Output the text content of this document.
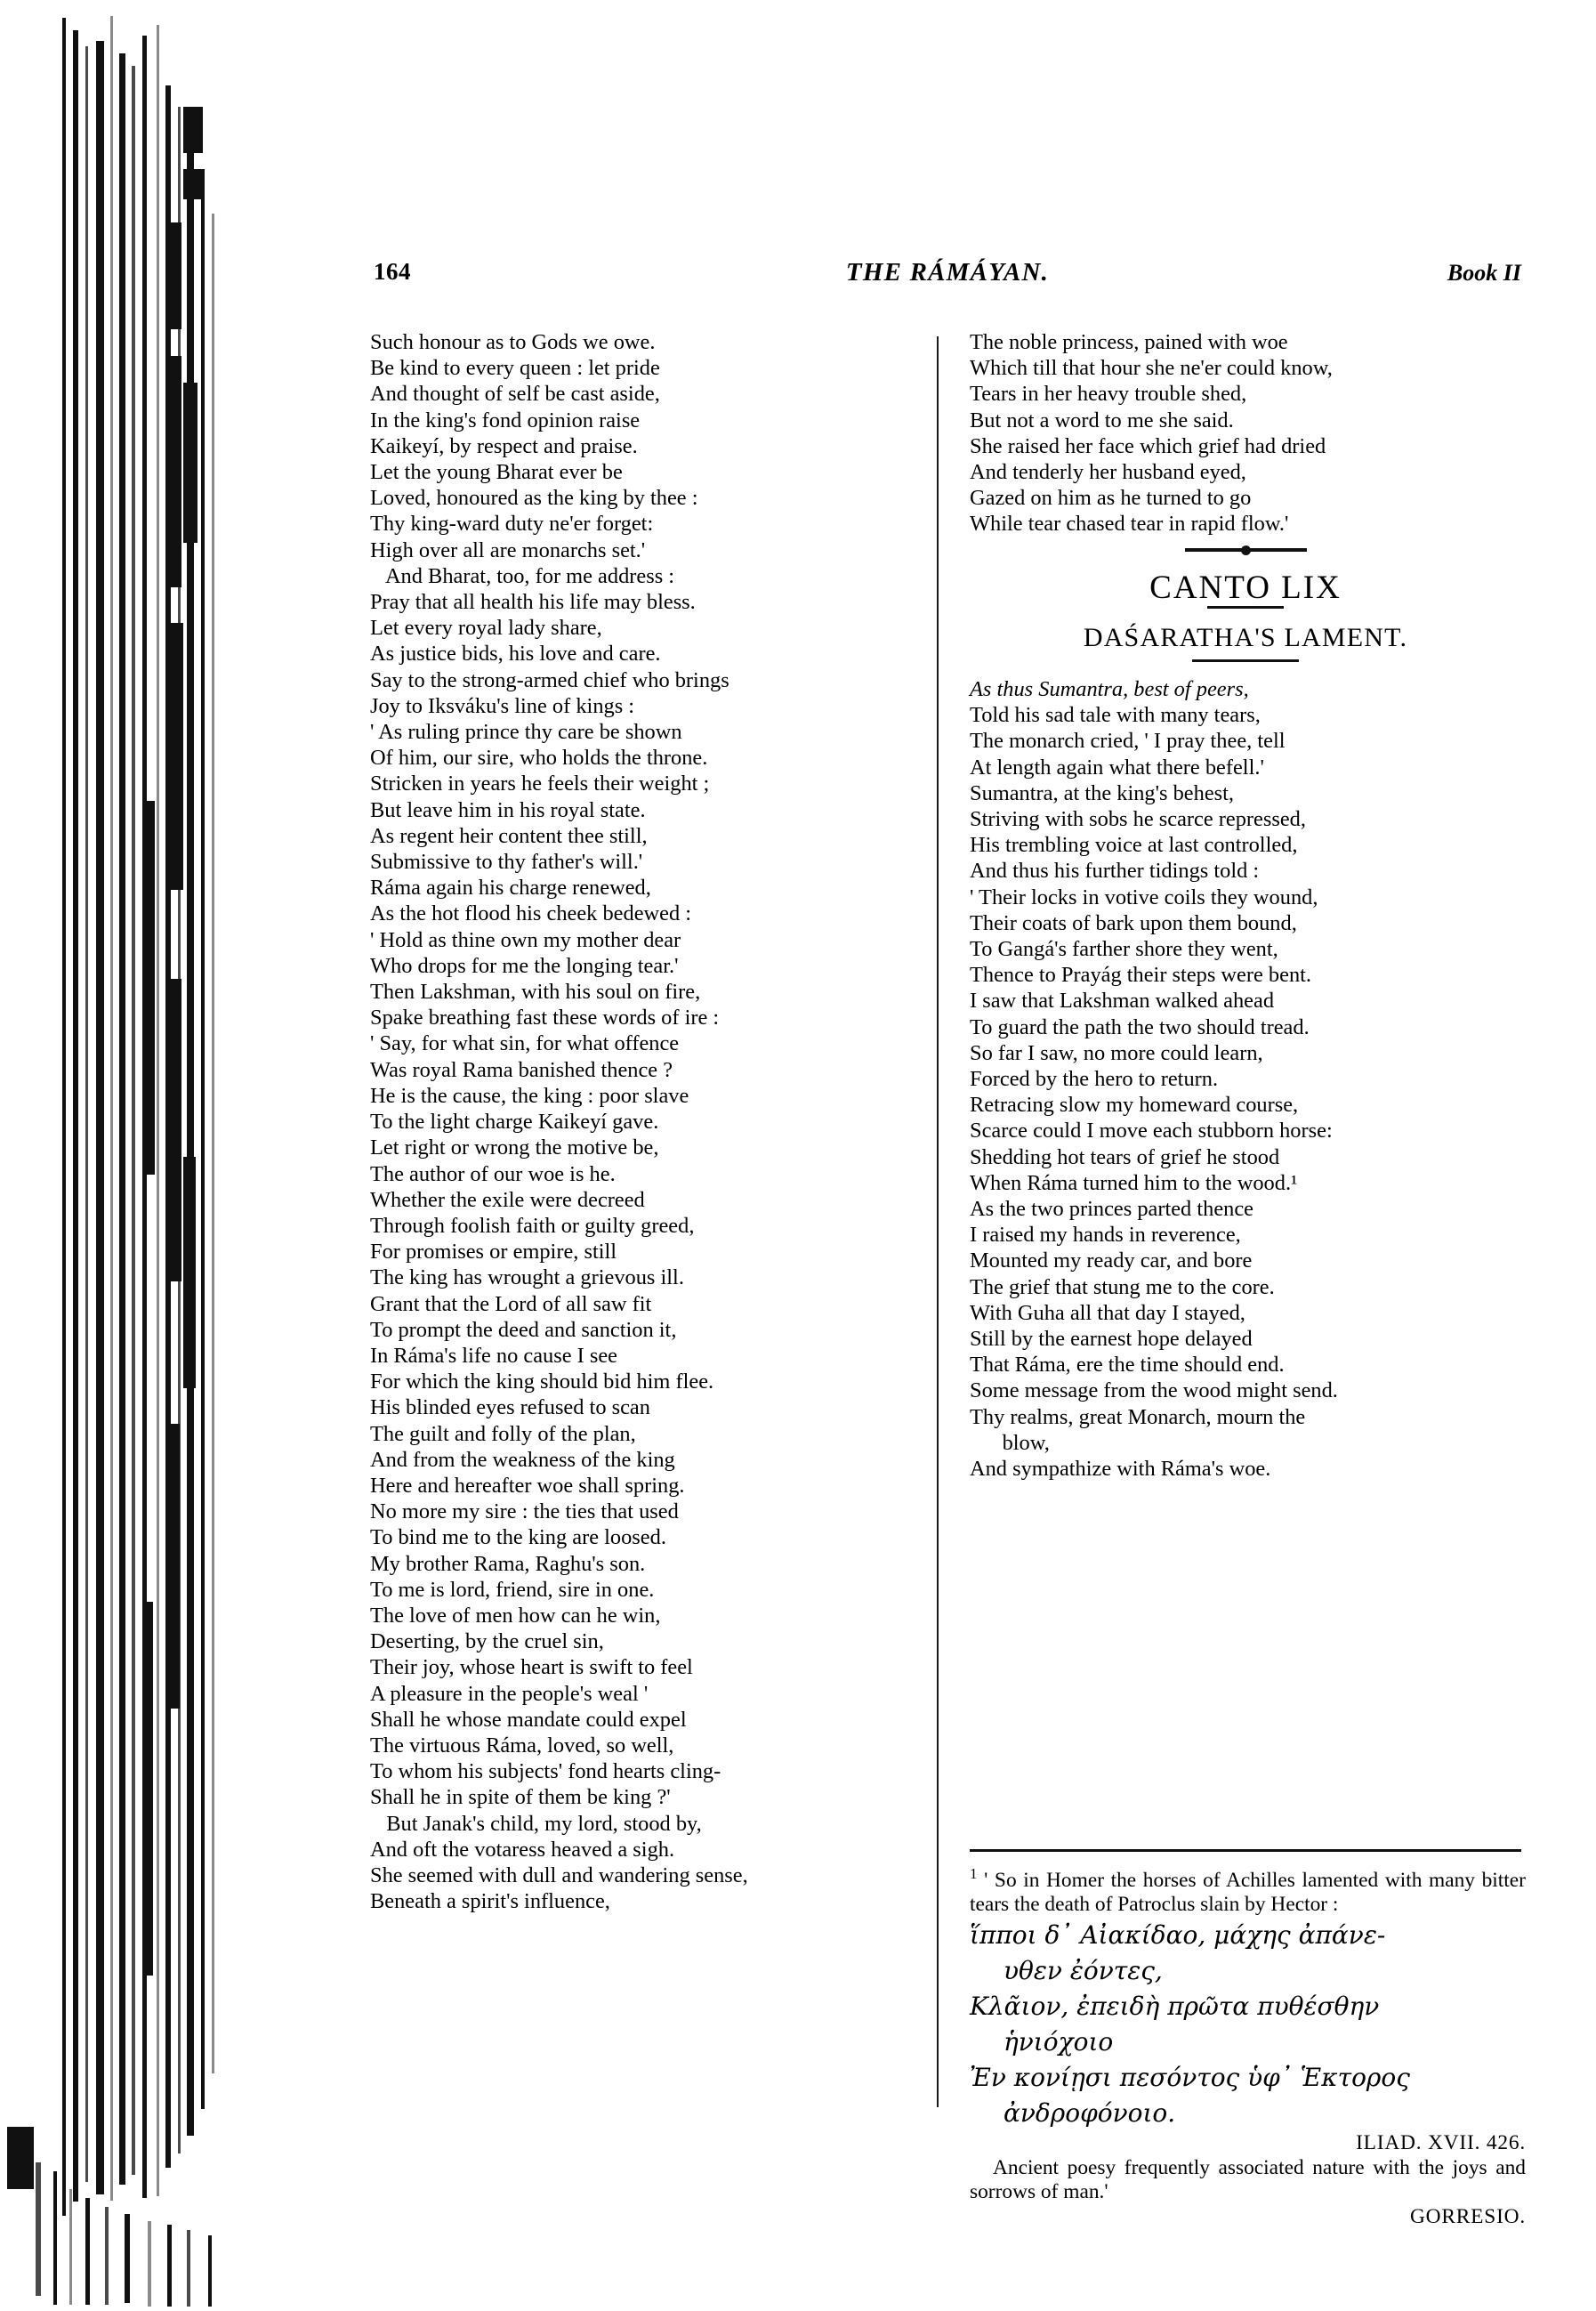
164	THE RÁMÁYAN.	Book II
Such honour as to Gods we owe.
Be kind to every queen : let pride
And thought of self be cast aside,
In the king's fond opinion raise
Kaikeyí, by respect and praise.
Let the young Bharat ever be
Loved, honoured as the king by thee :
Thy king-ward duty ne'er forget:
High over all are monarchs set.'
And Bharat, too, for me address :
Pray that all health his life may bless.
Let every royal lady share,
As justice bids, his love and care.
Say to the strong-armed chief who brings
Joy to Iksváku's line of kings :
' As ruling prince thy care be shown
Of him, our sire, who holds the throne.
Stricken in years he feels their weight ;
But leave him in his royal state.
As regent heir content thee still,
Submissive to thy father's will.'
Ráma again his charge renewed,
As the hot flood his cheek bedewed :
' Hold as thine own my mother dear
Who drops for me the longing tear.'
Then Lakshman, with his soul on fire,
Spake breathing fast these words of ire :
' Say, for what sin, for what offence
Was royal Rama banished thence ?
He is the cause, the king : poor slave
To the light charge Kaikeyí gave.
Let right or wrong the motive be,
The author of our woe is he.
Whether the exile were decreed
Through foolish faith or guilty greed,
For promises or empire, still
The king has wrought a grievous ill.
Grant that the Lord of all saw fit
To prompt the deed and sanction it,
In Ráma's life no cause I see
For which the king should bid him flee.
His blinded eyes refused to scan
The guilt and folly of the plan,
And from the weakness of the king
Here and hereafter woe shall spring.
No more my sire : the ties that used
To bind me to the king are loosed.
My brother Rama, Raghu's son.
To me is lord, friend, sire in one.
The love of men how can he win,
Deserting, by the cruel sin,
Their joy, whose heart is swift to feel
A pleasure in the people's weal '
Shall he whose mandate could expel
The virtuous Ráma, loved, so well,
To whom his subjects' fond hearts cling-
Shall he in spite of them be king ?'
But Janak's child, my lord, stood by,
And oft the votaress heaved a sigh.
She seemed with dull and wandering sense,
Beneath a spirit's influence,
The noble princess, pained with woe
Which till that hour she ne'er could know,
Tears in her heavy trouble shed,
But not a word to me she said.
She raised her face which grief had dried
And tenderly her husband eyed,
Gazed on him as he turned to go
While tear chased tear in rapid flow.'
CANTO LIX
DAŚARATHA'S LAMENT.
As thus Sumantra, best of peers,
Told his sad tale with many tears,
The monarch cried, ' I pray thee, tell
At length again what there befell.'
Sumantra, at the king's behest,
Striving with sobs he scarce repressed,
His trembling voice at last controlled,
And thus his further tidings told :
' Their locks in votive coils they wound,
Their coats of bark upon them bound,
To Gangá's farther shore they went,
Thence to Prayág their steps were bent.
I saw that Lakshman walked ahead
To guard the path the two should tread.
So far I saw, no more could learn,
Forced by the hero to return.
Retracing slow my homeward course,
Scarce could I move each stubborn horse:
Shedding hot tears of grief he stood
When Ráma turned him to the wood.¹
As the two princes parted thence
I raised my hands in reverence,
Mounted my ready car, and bore
The grief that stung me to the core.
With Guha all that day I stayed,
Still by the earnest hope delayed
That Ráma, ere the time should end.
Some message from the wood might send.
Thy realms, great Monarch, mourn the
blow,
And sympathize with Ráma's woe.
$^1$ ' So in Homer the horses of Achilles lamented with many bitter tears the death of Patroclus slain by Hector :
ἵπποι δ᾽ Αἰακίδαο, μάχης ἀπάνε-
υθεν ἐόντες,
Κλᾶιον, ἐπειδὴ πρῶτα πυθέσθην
ἡνιόχοιο
Ἐν κονίῃσι πεσόντος ὑφ᾽ Ἑκτορος
ἀνδροφόνοιο.
ILIAD. XVII. 426.
Ancient poesy frequently associated nature with the joys and sorrows of man.'
GORRESIO.
